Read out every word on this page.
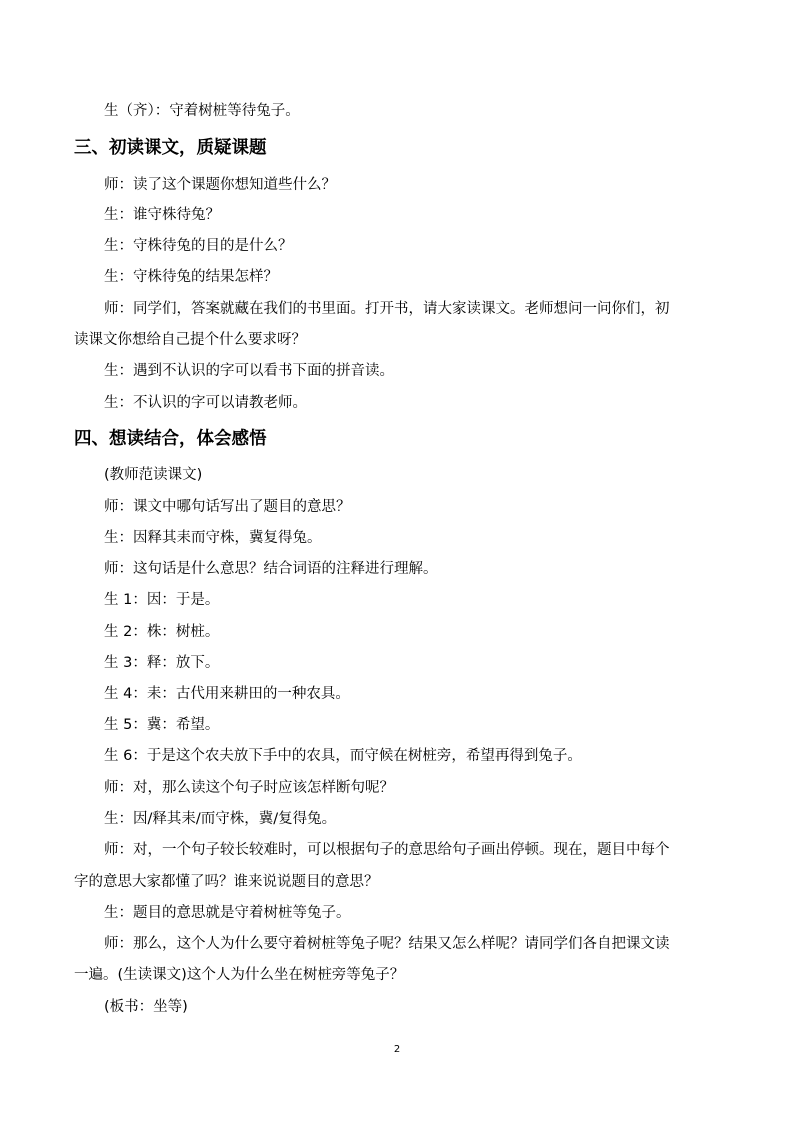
生（齐）：守着树桩等待兔子。
三、初读课文，质疑课题
师：读了这个课题你想知道些什么？
生：谁守株待兔？
生：守株待兔的目的是什么？
生：守株待兔的结果怎样？
师：同学们，答案就藏在我们的书里面。打开书，请大家读课文。老师想问一问你们，初
读课文你想给自己提个什么要求呀？
生：遇到不认识的字可以看书下面的拼音读。
生：不认识的字可以请教老师。
四、想读结合，体会感悟
(教师范读课文)
师：课文中哪句话写出了题目的意思？
生：因释其耒而守株，冀复得兔。
师：这句话是什么意思？结合词语的注释进行理解。
生 1：因：于是。
生 2：株：树桩。
生 3：释：放下。
生 4：耒：古代用来耕田的一种农具。
生 5：冀：希望。
生 6：于是这个农夫放下手中的农具，而守候在树桩旁，希望再得到兔子。
师：对，那么读这个句子时应该怎样断句呢？
生：因/释其耒/而守株，冀/复得兔。
师：对，一个句子较长较难时，可以根据句子的意思给句子画出停顿。现在，题目中每个
字的意思大家都懂了吗？谁来说说题目的意思？
生：题目的意思就是守着树桩等兔子。
师：那么，这个人为什么要守着树桩等兔子呢？结果又怎么样呢？请同学们各自把课文读
一遍。(生读课文)这个人为什么坐在树桩旁等兔子？
(板书：坐等)
2
